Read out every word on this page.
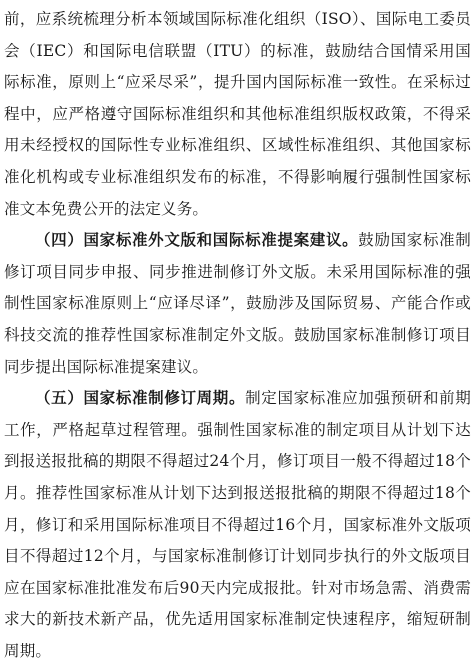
前，应系统梳理分析本领域国际标准化组织（ISO）、国际电工委员会（IEC）和国际电信联盟（ITU）的标准，鼓励结合国情采用国际标准，原则上“应采尽采”，提升国内国际标准一致性。在采标过程中，应严格遵守国际标准组织和其他标准组织版权政策，不得采用未经授权的国际性专业标准组织、区域性标准组织、其他国家标准化机构或专业标准组织发布的标准，不得影响履行强制性国家标准文本免费公开的法定义务。

（四）国家标准外文版和国际标准提案建议。鼓励国家标准制修订项目同步申报、同步推进制修订外文版。未采用国际标准的强制性国家标准原则上“应译尽译”，鼓励涉及国际贸易、产能合作或科技交流的推荐性国家标准制定外文版。鼓励国家标准制修订项目同步提出国际标准提案建议。

（五）国家标准制修订周期。制定国家标准应加强预研和前期工作，严格起草过程管理。强制性国家标准的制定项目从计划下达到报送报批稿的期限不得超过24个月，修订项目一般不得超过18个月。推荐性国家标准从计划下达到报送报批稿的期限不得超过18个月，修订和采用国际标准项目不得超过16个月，国家标准外文版项目不得超过12个月，与国家标准制修订计划同步执行的外文版项目应在国家标准批准发布后90天内完成报批。针对市场急需、消费需求大的新技术新产品，优先适用国家标准制定快速程序，缩短研制周期。
